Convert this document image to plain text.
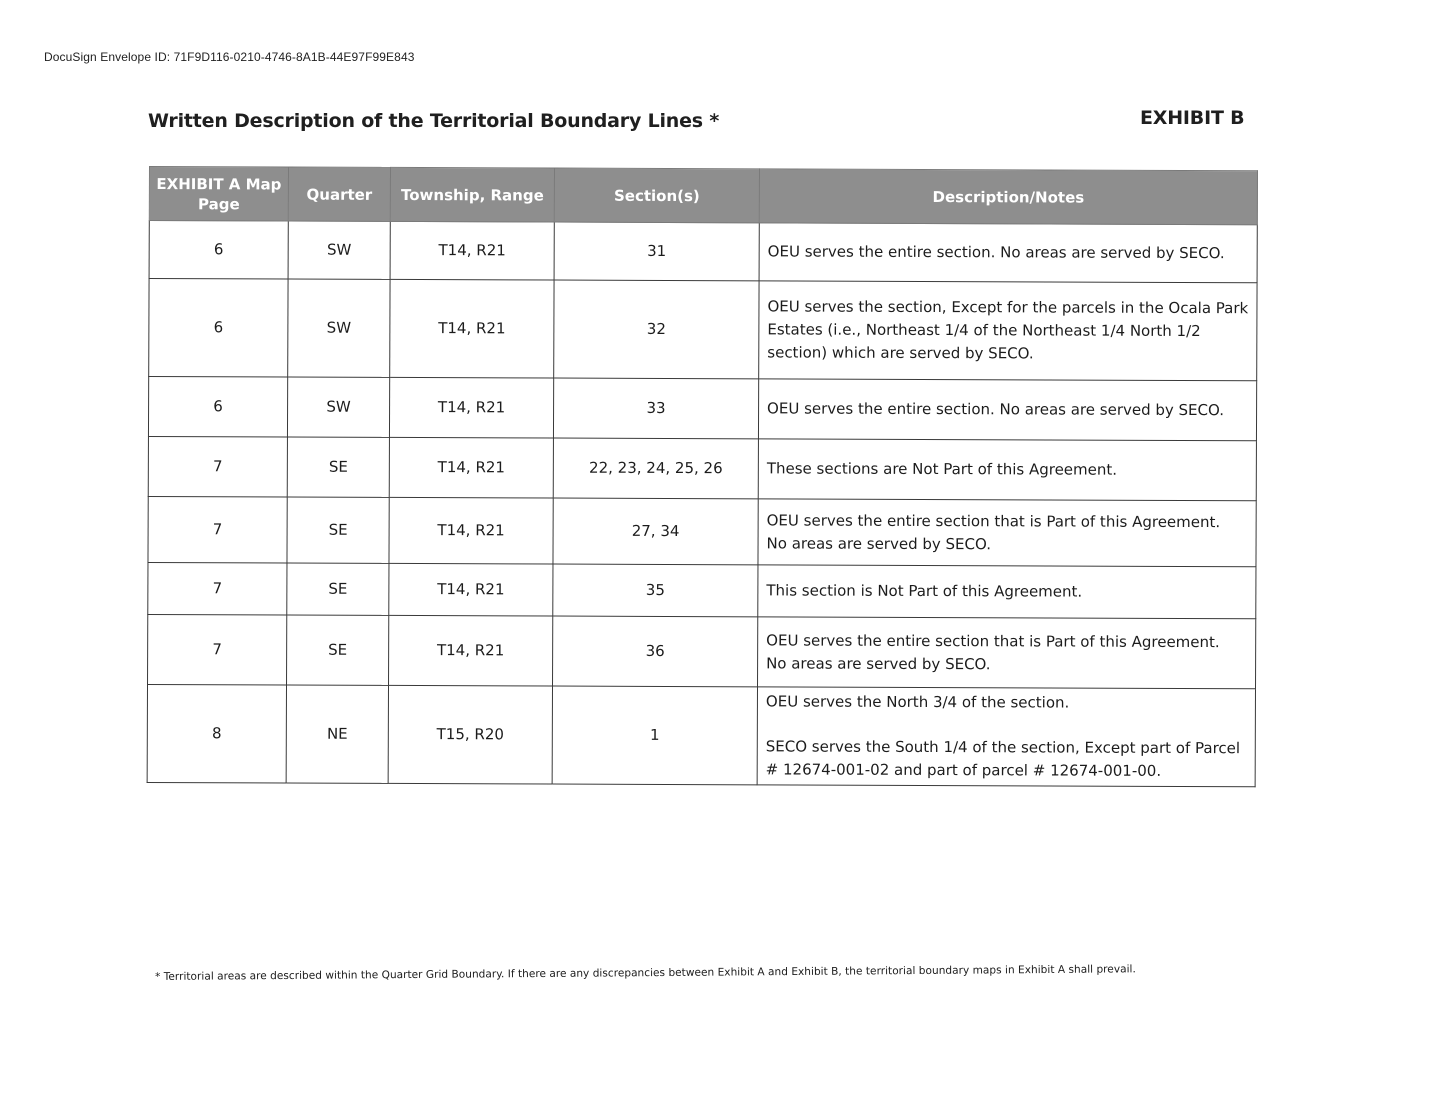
DocuSign Envelope ID: 71F9D116-0210-4746-8A1B-44E97F99E843
Written Description of the Territorial Boundary Lines *	EXHIBIT B
EXHIBIT A Map Page	Quarter	Township, Range	Section(s)	Description/Notes
6	SW	T14, R21	31	OEU serves the entire section. No areas are served by SECO.

6	SW	T14, R21	32	OEU serves the section, Except for the parcels in the Ocala Park
Estates (i.e., Northeast 1/4 of the Northeast 1/4 North 1/2
section) which are served by SECO.

6	SW	T14, R21	33	OEU serves the entire section. No areas are served by SECO.

7	SE	T14, R21	22, 23, 24, 25, 26	These sections are Not Part of this Agreement.

7	SE	T14, R21	27, 34	OEU serves the entire section that is Part of this Agreement.
No areas are served by SECO.

7	SE	T14, R21	35	This section is Not Part of this Agreement.

7	SE	T14, R21	36	OEU serves the entire section that is Part of this Agreement.
No areas are served by SECO.

8	NE	T15, R20	1	OEU serves the North 3/4 of the section.
SECO serves the South 1/4 of the section, Except part of Parcel
# 12674-001-02 and part of parcel # 12674-001-00.
* Territorial areas are described within the Quarter Grid Boundary. If there are any discrepancies between Exhibit A and Exhibit B, the territorial boundary maps in Exhibit A shall prevail.
